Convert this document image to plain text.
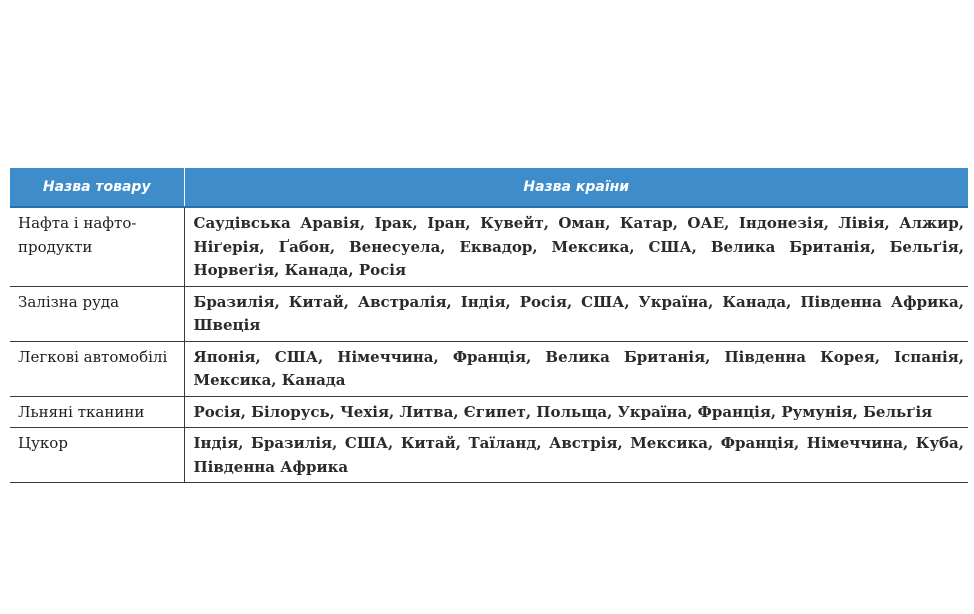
Назва товару	Назва країни
Нафта і нафтопродукти	Саудівська Аравія, Ірак, Іран, Кувейт, Оман, Катар, ОАЕ, Індонезія, Лівія, Алжир, Ніґерія, Ґабон, Венесуела, Еквадор, Мексика, США, Велика Британія, Бельґія, Норвеґія, Канада, Росія
Залізна руда	Бразилія, Китай, Австралія, Індія, Росія, США, Україна, Канада, Південна Африка, Швеція
Легкові автомобілі	Японія, США, Німеччина, Франція, Велика Британія, Південна Корея, Іспанія, Мексика, Канада
Льняні тканини	Росія, Білорусь, Чехія, Литва, Єгипет, Польща, Україна, Франція, Румунія, Бельґія
Цукор	Індія, Бразилія, США, Китай, Таїланд, Австрія, Мексика, Франція, Німеччина, Куба, Південна Африка
